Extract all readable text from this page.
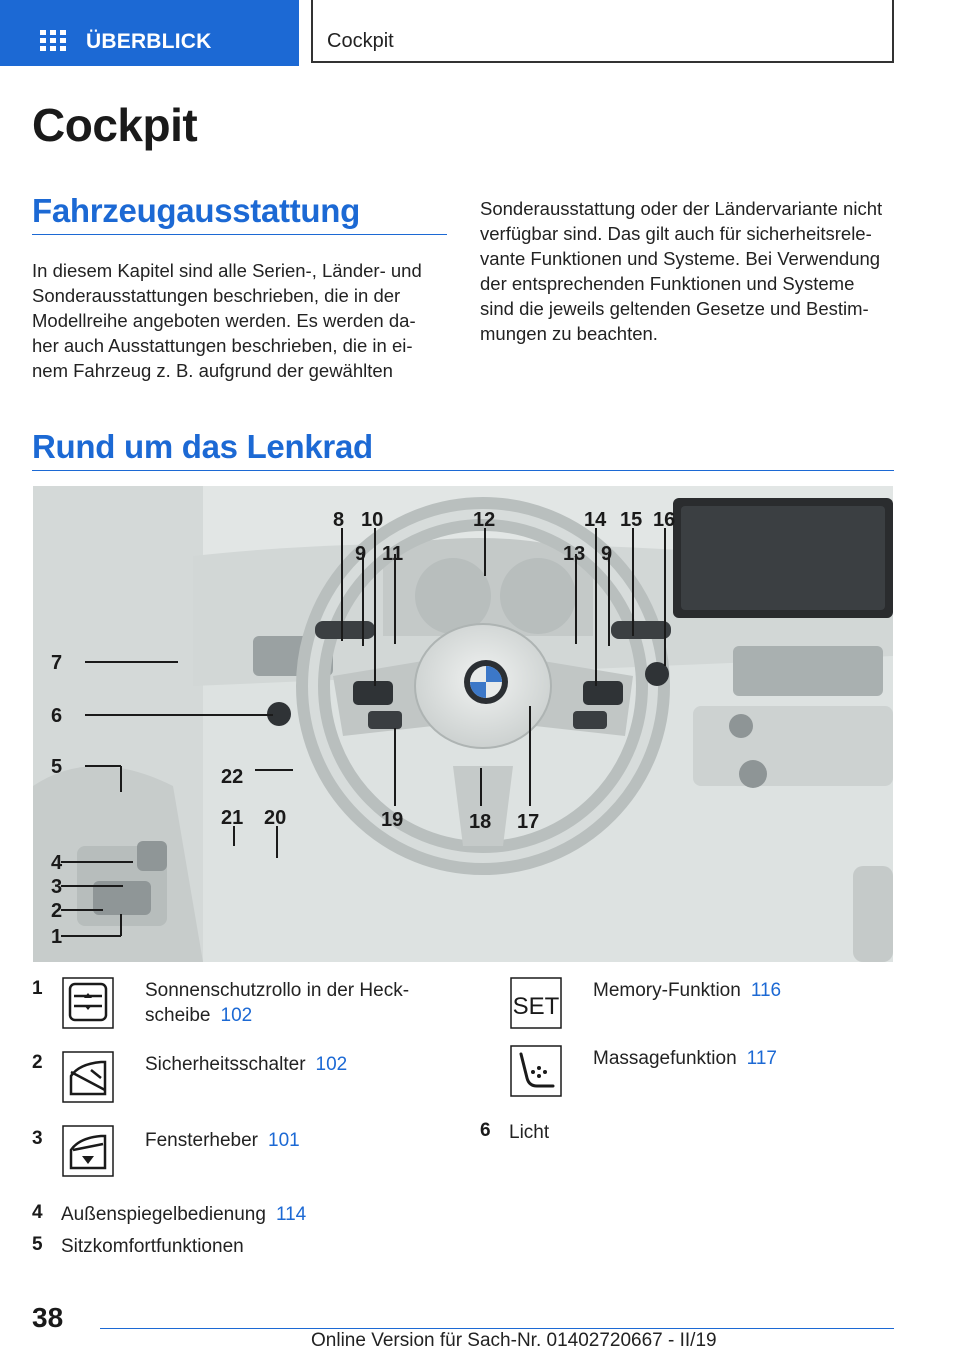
ÜBERBLICK	Cockpit
Cockpit
Fahrzeugausstattung
In diesem Kapitel sind alle Serien-, Länder- und
Sonderausstattungen beschrieben, die in der
Modellreihe angeboten werden. Es werden da‐
her auch Ausstattungen beschrieben, die in ei‐
nem Fahrzeug z. B. aufgrund der gewählten
Sonderausstattung oder der Ländervariante nicht
verfügbar sind. Das gilt auch für sicherheitsrele‐
vante Funktionen und Systeme. Bei Verwendung
der entsprechenden Funktionen und Systeme
sind die jeweils geltenden Gesetze und Bestim‐
mungen zu beachten.
Rund um das Lenkrad
8 10
9 11
12
13
14
9
15 16
7
6
5	22
21 20	19	18 17
4
3
2
1
1	Sonnenschutzrollo in der Heck‐
scheibe 102
2	Sicherheitsschalter 102
3	Fensterheber 101
4 Außenspiegelbedienung 114
5 Sitzkomfortfunktionen
SET
Memory-Funktion 116
Massagefunktion 117
6 Licht
38
Online Version für Sach-Nr. 01402720667 - II/19
